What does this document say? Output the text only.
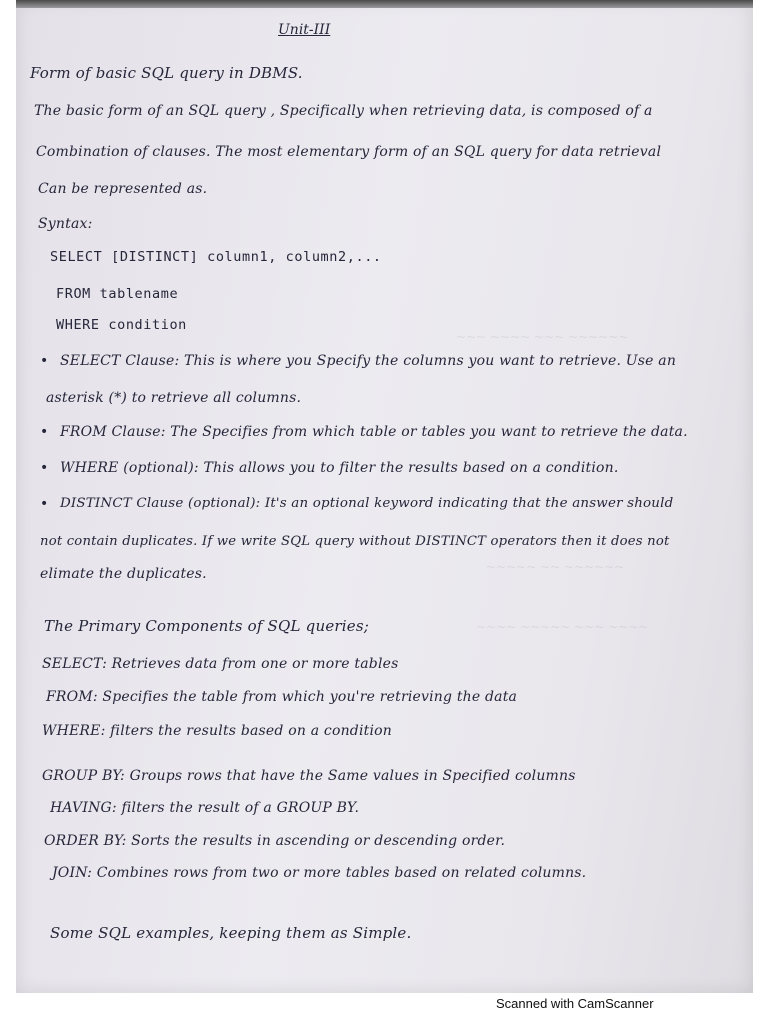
~~~ ~~~~ ~~~ ~~~~~~
~~~~~ ~~ ~~~~~~
~~~~ ~~~~~ ~~~ ~~~~
Unit-III
Form of basic SQL query in DBMS.
The basic form of an SQL query , Specifically when retrieving data, is composed of a
Combination of clauses. The most elementary form of an SQL query for data retrieval
Can be represented as.
Syntax:
SELECT [DISTINCT] column1, column2,...
FROM tablename
WHERE condition
• SELECT Clause: This is where you Specify the columns you want to retrieve. Use an
asterisk (*) to retrieve all columns.
• FROM Clause: The Specifies from which table or tables you want to retrieve the data.
• WHERE (optional): This allows you to filter the results based on a condition.
• DISTINCT Clause (optional): It's an optional keyword indicating that the answer should
not contain duplicates. If we write SQL query without DISTINCT operators then it does not
elimate the duplicates.
The Primary Components of SQL queries;
SELECT: Retrieves data from one or more tables
FROM: Specifies the table from which you're retrieving the data
WHERE: filters the results based on a condition
GROUP BY: Groups rows that have the Same values in Specified columns
HAVING: filters the result of a GROUP BY.
ORDER BY: Sorts the results in ascending or descending order.
JOIN: Combines rows from two or more tables based on related columns.
Some SQL examples, keeping them as Simple.
Scanned with CamScanner
